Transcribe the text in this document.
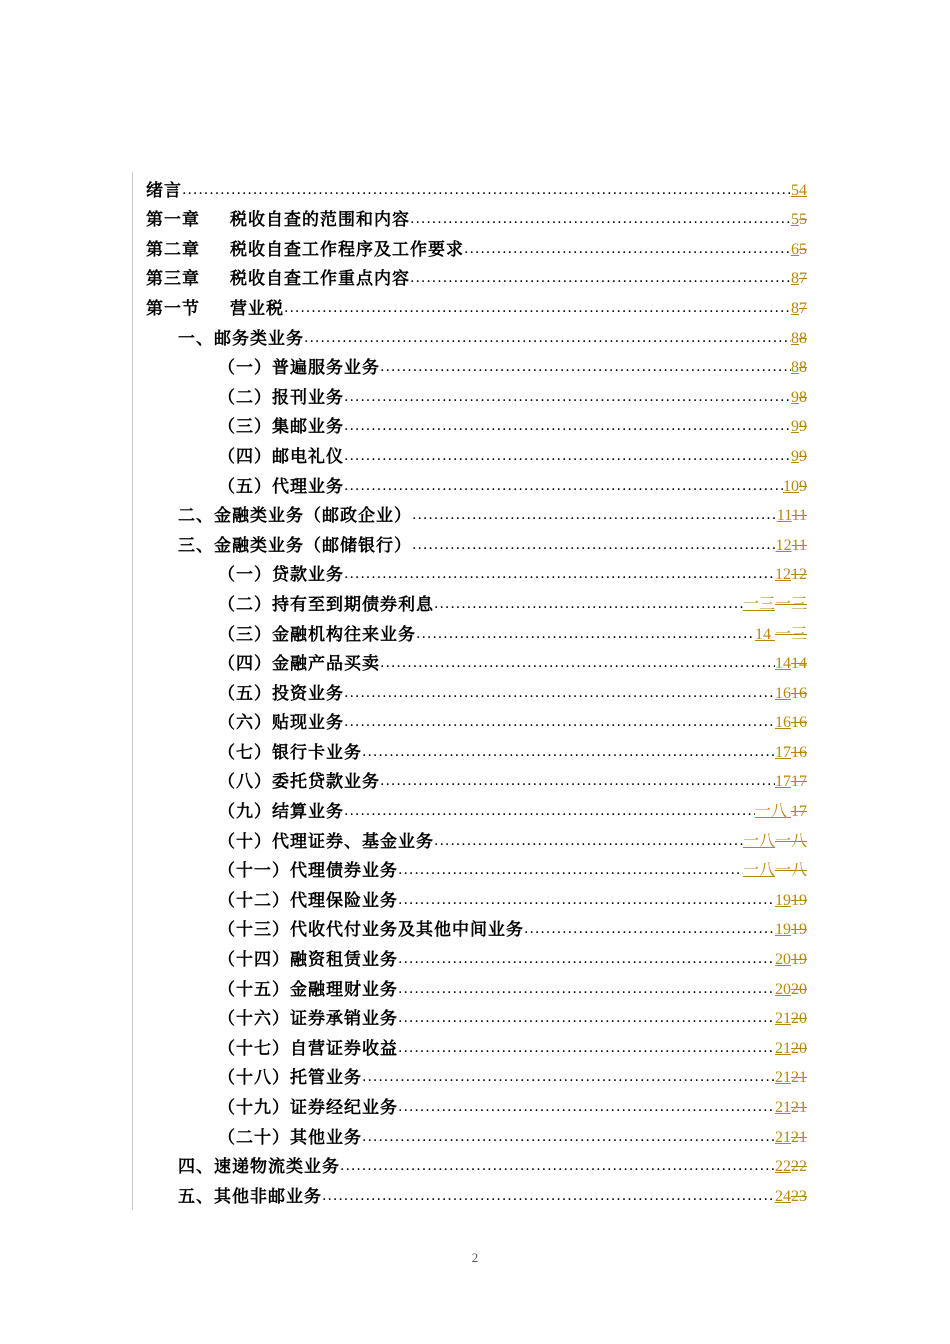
绪言 .....	54
第一章 税收自查的范围和内容 .....	55
第二章 税收自查工作程序及工作要求 .....	65
第三章 税收自查工作重点内容 .....	87
第一节 营业税 .....	87
一、邮务类业务 .....	88
（一）普遍服务业务 .....	88
（二）报刊业务 .....	98
（三）集邮业务 .....	99
（四）邮电礼仪 .....	99
（五）代理业务 .....	109
二、金融类业务（邮政企业） .....	1111
三、金融类业务（邮储银行） .....	1211
（一）贷款业务 .....	1212
（二）持有至到期债券利息 .....	一三一三
（三）金融机构往来业务 .....	14 一三
（四）金融产品买卖 .....	1414
（五）投资业务 .....	1616
（六）贴现业务 .....	1616
（七）银行卡业务 .....	1716
（八）委托贷款业务 .....	1717
（九）结算业务 .....	一八 17
（十）代理证券、基金业务 .....	一八一八
（十一）代理债券业务 .....	一八一八
（十二）代理保险业务 .....	1919
（十三）代收代付业务及其他中间业务 .....	1919
（十四）融资租赁业务 .....	2019
（十五）金融理财业务 .....	2020
（十六）证券承销业务 .....	2120
（十七）自营证券收益 .....	2120
（十八）托管业务 .....	2121
（十九）证券经纪业务 .....	2121
（二十）其他业务 .....	2121
四、速递物流类业务 .....	2222
五、其他非邮业务 .....	2423
2
